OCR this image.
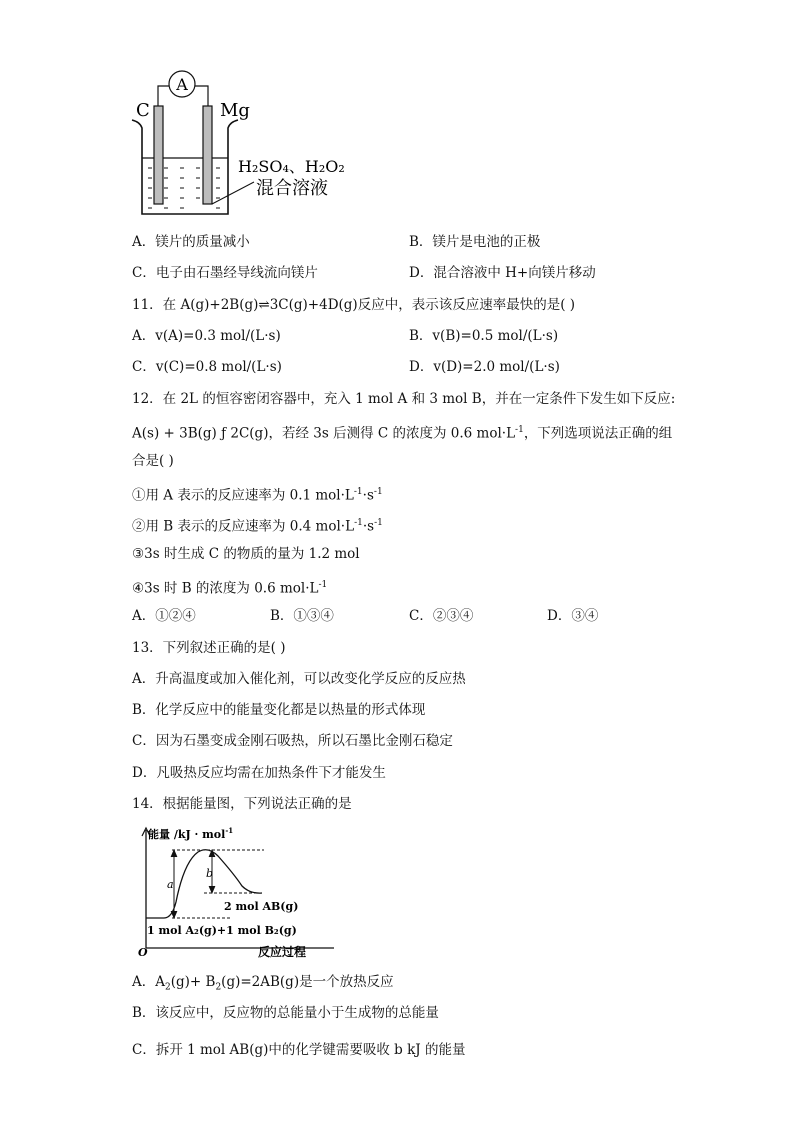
A
C	Mg
H₂SO₄、H₂O₂
混合溶液
A．镁片的质量减小	B．镁片是电池的正极
C．电子由石墨经导线流向镁片	D．混合溶液中 H+向镁片移动
11．在 A(g)+2B(g)⇌3C(g)+4D(g)反应中，表示该反应速率最快的是( )
A．v(A)=0.3 mol/(L·s)	B．v(B)=0.5 mol/(L·s)
C．v(C)=0.8 mol/(L·s)	D．v(D)=2.0 mol/(L·s)
12．在 2L 的恒容密闭容器中，充入 1 mol A 和 3 mol B，并在一定条件下发生如下反应:
A(s) + 3B(g) ƒ 2C(g)，若经 3s 后测得 C 的浓度为 0.6 $mol\cdot L^{-1}$，下列选项说法正确的组
合是( )
①用 A 表示的反应速率为 0.1 $mol\cdot L^{-1}\cdot s^{-1}$
②用 B 表示的反应速率为 0.4 $mol\cdot L^{-1}\cdot s^{-1}$
③3s 时生成 C 的物质的量为 1.2 mol
④3s 时 B 的浓度为 0.6 $mol\cdot L^{-1}$
A．①②④	B．①③④	C．②③④	D．③④
13．下列叙述正确的是( )
A．升高温度或加入催化剂，可以改变化学反应的反应热
B．化学反应中的能量变化都是以热量的形式体现
C．因为石墨变成金刚石吸热，所以石墨比金刚石稳定
D．凡吸热反应均需在加热条件下才能发生
14．根据能量图，下列说法正确的是
O
能量 /kJ · mol$^{-1}$
反应过程
a
b
2 mol AB(g)
1 mol A₂(g)+1 mol B₂(g)
A．$A_2(g)+ B_2(g)=2AB(g)$是一个放热反应
B．该反应中，反应物的总能量小于生成物的总能量
C．拆开 1 mol AB(g)中的化学键需要吸收 b kJ 的能量
